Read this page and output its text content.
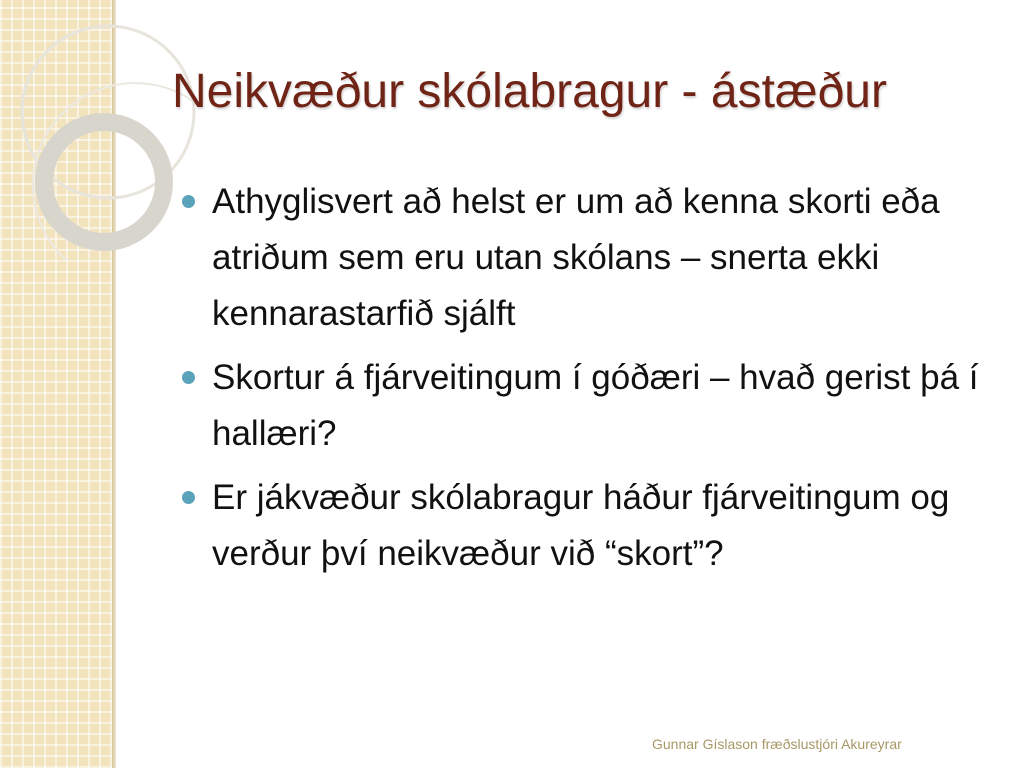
Neikvæður skólabragur - ástæður
Athyglisvert að helst er um að kenna skorti eða atriðum sem eru utan skólans – snerta ekki kennarastarfið sjálft
Skortur á fjárveitingum í góðæri – hvað gerist þá í hallæri?
Er jákvæður skólabragur háður fjárveitingum og verður því neikvæður við “skort”?
Gunnar Gíslason fræðslustjóri Akureyrar
